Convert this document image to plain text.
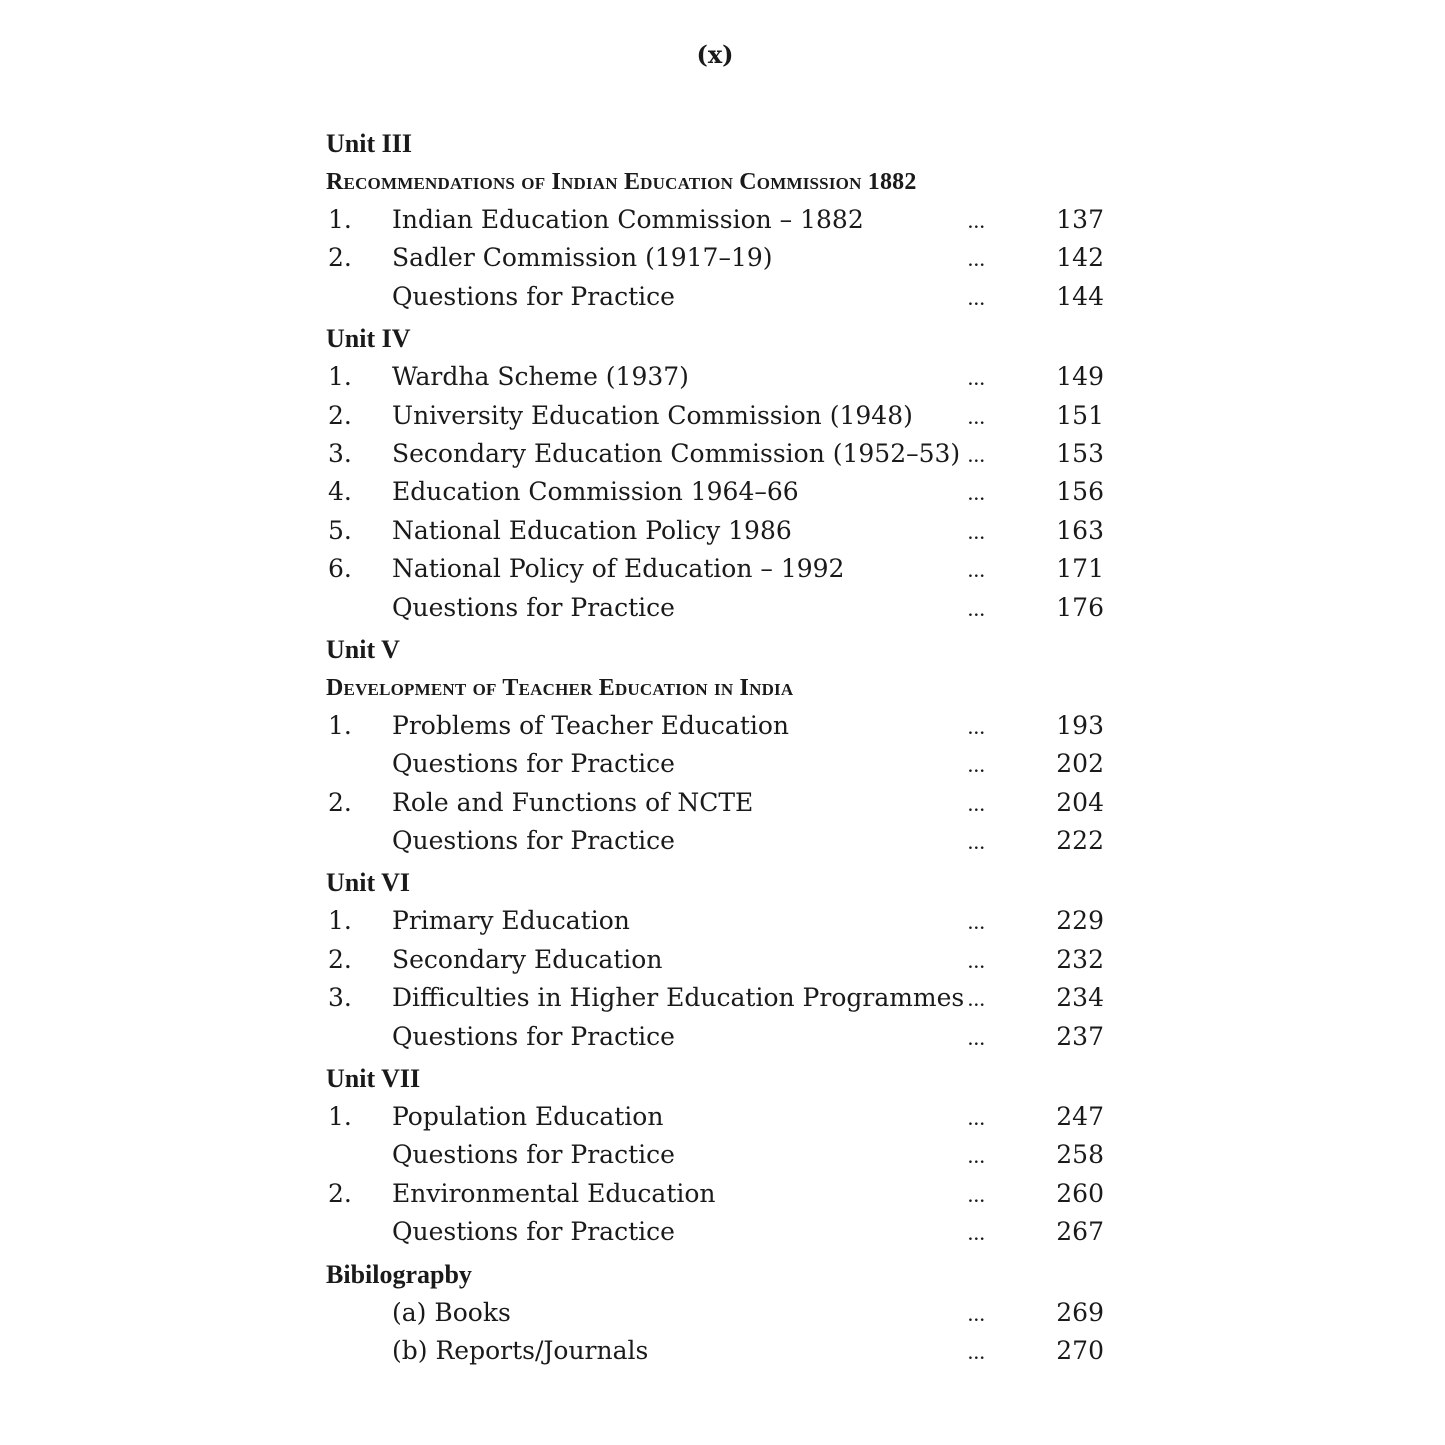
(x)
Unit III
Recommendations of Indian Education Commission 1882
1. Indian Education Commission – 1882	...	137
2. Sadler Commission (1917–19)	...	142
Questions for Practice	...	144
Unit IV
1. Wardha Scheme (1937)	...	149
2. University Education Commission (1948)	...	151
3. Secondary Education Commission (1952–53) ...	153
4. Education Commission 1964–66	...	156
5. National Education Policy 1986	...	163
6. National Policy of Education – 1992	...	171
Questions for Practice	...	176
Unit V
Development of Teacher Education in India
1. Problems of Teacher Education	...	193
Questions for Practice	...	202
2. Role and Functions of NCTE	...	204
Questions for Practice	...	222
Unit VI
1. Primary Education	...	229
2. Secondary Education	...	232
3. Difficulties in Higher Education Programmes ...	234
Questions for Practice	...	237
Unit VII
1. Population Education	...	247
Questions for Practice	...	258
2. Environmental Education	...	260
Questions for Practice	...	267
Bibilograpby
(a) Books	...	269
(b) Reports/Journals	...	270
